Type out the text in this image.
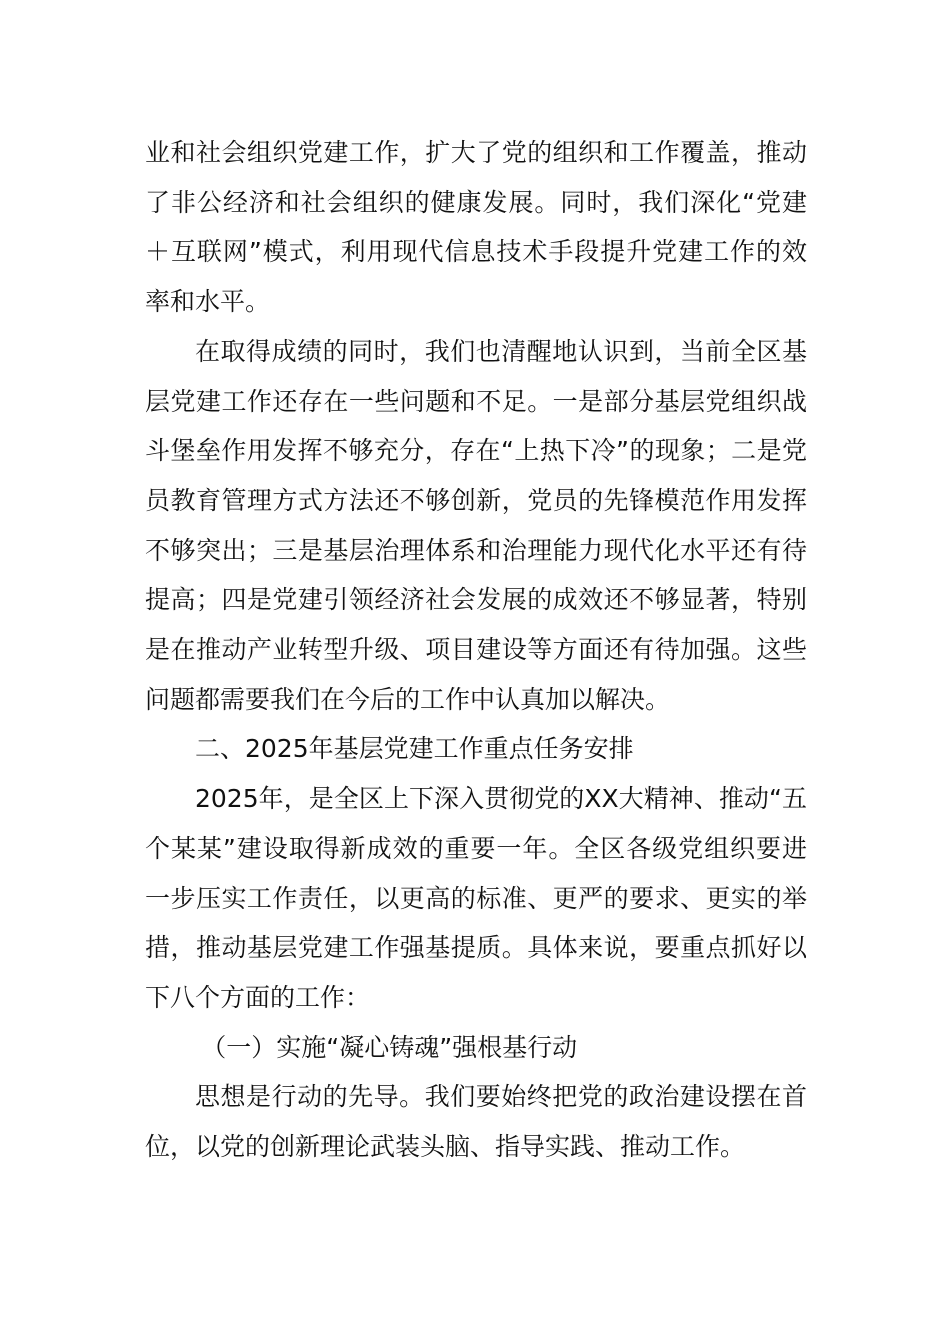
业和社会组织党建工作，扩大了党的组织和工作覆盖，推动了非公经济和社会组织的健康发展。同时，我们深化“党建＋互联网”模式，利用现代信息技术手段提升党建工作的效率和水平。

在取得成绩的同时，我们也清醒地认识到，当前全区基层党建工作还存在一些问题和不足。一是部分基层党组织战斗堡垒作用发挥不够充分，存在“上热下冷”的现象；二是党员教育管理方式方法还不够创新，党员的先锋模范作用发挥不够突出；三是基层治理体系和治理能力现代化水平还有待提高；四是党建引领经济社会发展的成效还不够显著，特别是在推动产业转型升级、项目建设等方面还有待加强。这些问题都需要我们在今后的工作中认真加以解决。

二、2025年基层党建工作重点任务安排

2025年，是全区上下深入贯彻党的XX大精神、推动“五个某某”建设取得新成效的重要一年。全区各级党组织要进一步压实工作责任，以更高的标准、更严的要求、更实的举措，推动基层党建工作强基提质。具体来说，要重点抓好以下八个方面的工作：

（一）实施“凝心铸魂”强根基行动

思想是行动的先导。我们要始终把党的政治建设摆在首位，以党的创新理论武装头脑、指导实践、推动工作。
